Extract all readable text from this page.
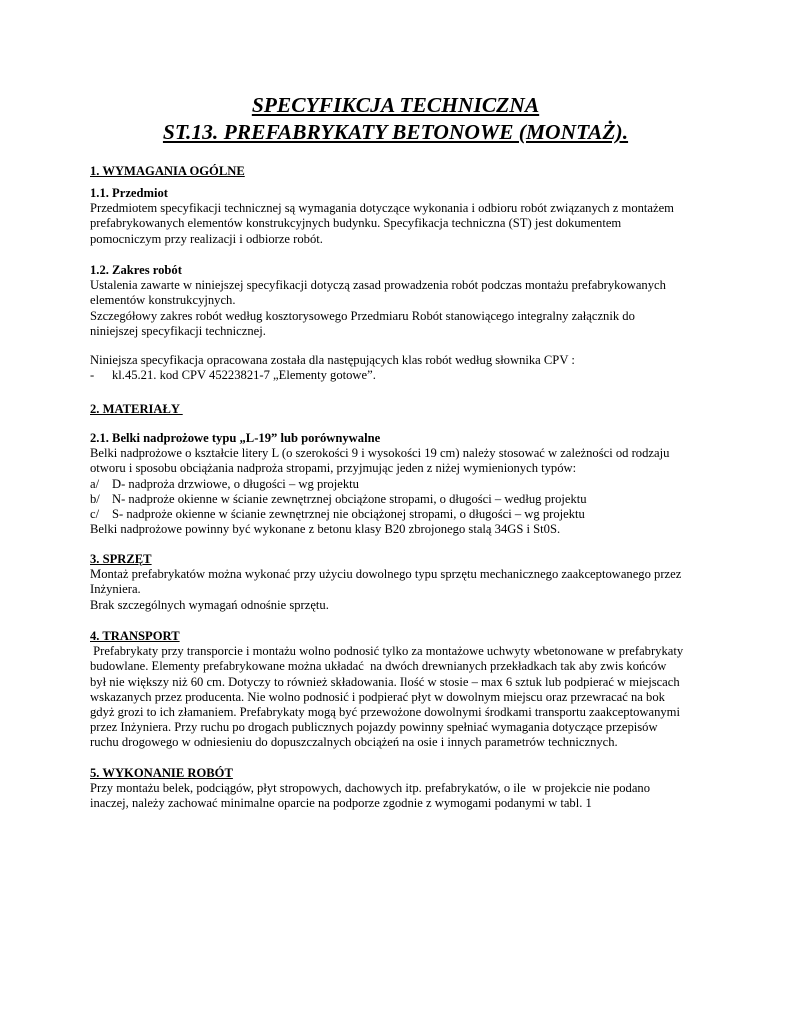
SPECYFIKCJA TECHNICZNA
ST.13. PREFABRYKATY BETONOWE (MONTAŻ).
1. WYMAGANIA OGÓLNE
1.1. Przedmiot
Przedmiotem specyfikacji technicznej są wymagania dotyczące wykonania i odbioru robót związanych z montażem
prefabrykowanych elementów konstrukcyjnych budynku. Specyfikacja techniczna (ST) jest dokumentem
pomocniczym przy realizacji i odbiorze robót.
1.2. Zakres robót
Ustalenia zawarte w niniejszej specyfikacji dotyczą zasad prowadzenia robót podczas montażu prefabrykowanych
elementów konstrukcyjnych.
Szczegółowy zakres robót według kosztorysowego Przedmiaru Robót stanowiącego integralny załącznik do
niniejszej specyfikacji technicznej.
Niniejsza specyfikacja opracowana została dla następujących klas robót według słownika CPV :
- kl.45.21. kod CPV 45223821-7 „Elementy gotowe”.
2. MATERIAŁY
2.1. Belki nadprożowe typu „L-19” lub porównywalne
Belki nadprożowe o kształcie litery L (o szerokości 9 i wysokości 19 cm) należy stosować w zależności od rodzaju
otworu i sposobu obciążania nadproża stropami, przyjmując jeden z niżej wymienionych typów:
a/ D- nadproża drzwiowe, o długości – wg projektu
b/ N- nadproże okienne w ścianie zewnętrznej obciążone stropami, o długości – według projektu
c/ S- nadproże okienne w ścianie zewnętrznej nie obciążonej stropami, o długości – wg projektu
Belki nadprożowe powinny być wykonane z betonu klasy B20 zbrojonego stalą 34GS i St0S.
3. SPRZĘT
Montaż prefabrykatów można wykonać przy użyciu dowolnego typu sprzętu mechanicznego zaakceptowanego przez
Inżyniera.
Brak szczególnych wymagań odnośnie sprzętu.
4. TRANSPORT
Prefabrykaty przy transporcie i montażu wolno podnosić tylko za montażowe uchwyty wbetonowane w prefabrykaty
budowlane. Elementy prefabrykowane można układać  na dwóch drewnianych przekładkach tak aby zwis końców
był nie większy niż 60 cm. Dotyczy to również składowania. Ilość w stosie – max 6 sztuk lub podpierać w miejscach
wskazanych przez producenta. Nie wolno podnosić i podpierać płyt w dowolnym miejscu oraz przewracać na bok
gdyż grozi to ich złamaniem. Prefabrykaty mogą być przewożone dowolnymi środkami transportu zaakceptowanymi
przez Inżyniera. Przy ruchu po drogach publicznych pojazdy powinny spełniać wymagania dotyczące przepisów
ruchu drogowego w odniesieniu do dopuszczalnych obciążeń na osie i innych parametrów technicznych.
5. WYKONANIE ROBÓT
Przy montażu belek, podciągów, płyt stropowych, dachowych itp. prefabrykatów, o ile  w projekcie nie podano
inaczej, należy zachować minimalne oparcie na podporze zgodnie z wymogami podanymi w tabl. 1
